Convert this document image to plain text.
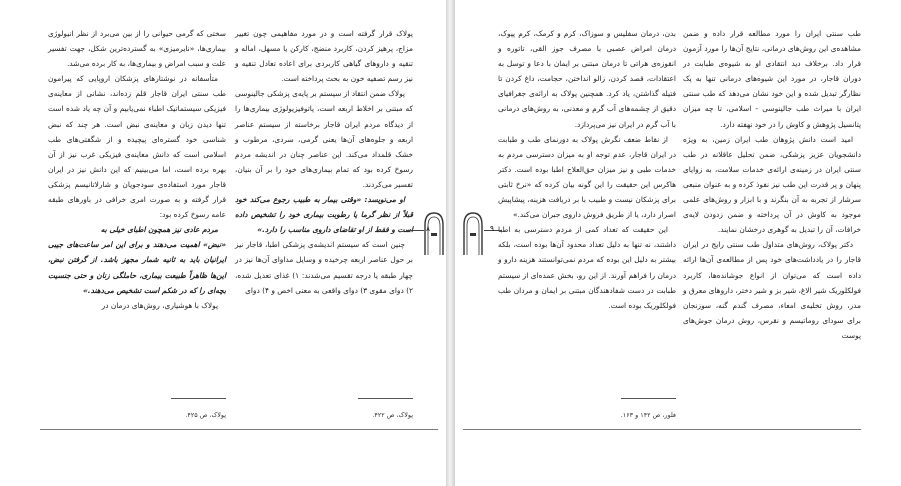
پولاک قرار گرفته است و در مورد مفاهیمی چون تغییر مزاج، پرهیز کردن، کاربرد منضج، کارکن یا مسهل، اماله و تنقیه و داروهای گیاهی کاربردی برای اعاده تعادل تنقیه و نیز رسم تصفیه خون به بحث پرداخته است.

پولاک ضمن انتقاد از سیستم بر پایه‌ی پزشکی جالینوسی که مبتنی بر اخلاط اربعه است، پاتوفیزیولوژی بیماری‌ها را از دیدگاه مردم ایران قاجار برخاسته از سیستم عناصر اربعه و جلوه‌های آن‌ها یعنی گرمی، سردی، مرطوب و خشک قلمداد می‌کند. این عناصر چنان در اندیشه مردم رسوخ کرده بود که تمام بیماری‌های خود را بر آن بنیان، تفسیر می‌کردند.

او می‌نویسد: «وقتی بیمار به طبیب رجوع می‌کند خود قبلاً از نظر گرما یا رطوبت بیماری خود را تشخیص داده است و فقط از او تقاضای داروی مناسب را دارد.»

چنین است که سیستم اندیشه‌ی پزشکی اطبا، قاجار نیز بر حول عناصر اربعه چرخیده و وسایل مداوای آن‌ها نیز در چهار طبقه یا درجه تقسیم می‌شدند: ۱) غذای تعدیل شده، ۲) دوای مقوی ۳) دوای واقعی به معنی اخص و ۴) دوای

سختی که گرمی حیوانی را از بین می‌برد از نظر انیولوژی بیماری‌ها، «نایرمیزی» به گسترده‌ترین شکل، جهت تفسیر علت و سبب امراض و بیماری‌ها، به کار برده می‌شد.

متأسفانه در نوشتارهای پزشکان اروپایی که پیرامون طب سنتی ایران قاجار قلم زده‌اند، نشانی از معاینه‌ی فیزیکی سیستماتیک اطباء نمی‌یابیم و آن چه یاد شده است تنها دیدن زبان و معاینه‌ی نبض است. هر چند که نبض شناسی خود گستره‌ای پیچیده و از شگفتی‌های طب اسلامی است که دانش معاینه‌ی فیزیکی غرب نیز از آن بهره برده است، اما می‌بینیم که این دانش نیز در ایران قاجار مورد استفاده‌ی سودجویان و شارلاتانیسم پزشکی قرار گرفته و به صورت امری خرافی در باورهای طبقه عامه رسوخ کرده بود:

مردم عادی نیز همچون اطبای خیلی به

«نبض» اهمیت می‌دهند و برای این امر ساعت‌های جیبی ایرانیان باید به ثانیه شمار مجهز باشد. از گرفتن نبض، این‌ها ظاهراً طبیعت بیماری، حاملگی زنان و حتی جنسیت بچه‌ای را که در شکم است تشخیص می‌دهند.»

پولاک با هوشیاری، روش‌های درمان در

طب سنتی ایران را مورد مطالعه قرار داده و ضمن مشاهده‌ی این روش‌های درمانی، نتایج آن‌ها را مورد آزمون قرار داد. برخلاف دید انتقادی او به شیوه‌ی طبابت در دوران قاجار، در مورد این شیوه‌های درمانی تنها به یک نظارگر تبدیل شده و این خود نشان می‌دهد که طب سنتی ایران با میراث طب جالینوسی - اسلامی، تا چه میزان پتانسیل پژوهش و کاوش را در خود نهفته دارد.

امید است دانش پژوهان طب ایران زمین، به ویژه دانشجویان عزیز پزشکی، ضمن تحلیل عاقلانه در طب سنتی ایران در زمینه‌ی ارائه‌ی خدمات سلامت، به زوایای پنهان و پر قدرت این طب نیز نفوذ کرده و به عنوان منبعی سرشار از تجربه به آن بنگرند و با ابزار و روش‌های علمی موجود به کاوش در آن پرداخته و ضمن زدودن لایه‌ی خرافات، آن را تبدیل به گوهری درخشان نمایند.

دکتر پولاک، روش‌های متداول طب سنتی رایج در ایران قاجار را در یادداشت‌های خود پس از مطالعه‌ی آن‌ها ارائه داده است که می‌توان از انواع جوشانده‌ها، کاربرد فولکلوریک شیر الاغ، شیر بز و شیر دختر، داروهای معرق و مدر، روش تخلیه‌ی امعاء، مصرف گندم گنه، سوزنجان برای سودای روماتیسم و نقرس، روش درمان جوش‌های پوست

بدن، درمان سفلیس و سوزاک، کرم و کرمک، کرم پیوک، درمان امراض عصبی با مصرف جوز القی، تاتوره و انقوزه‌ی هراتی تا درمان مبتنی بر ایمان با دعا و توسل به اعتقادات، قصد کردن، زالو انداختن، حجامت، داغ کردن تا فتیله گذاشتن، یاد کرد. همچنین پولاک به ارائه‌ی جغرافیای دقیق از چشمه‌های آب گرم و معدنی، به روش‌های درمانی با آب گرم در ایران نیز می‌پردازد.

از نقاط ضعف نگرش پولاک به دورنمای طب و طبابت در ایران قاجار، عدم توجه او به میزان دسترسی مردم به خدمات طبی و نیز میزان حق‌العلاج اطبا بوده است. دکتر هاکرس این حقیقت را این گونه بیان کرده که «نرخ ثابتی برای پزشکان نیست و طبیب با بر دریافت هزینه، پیشاپیش اصرار دارد، یا از طریق فروش داروی جبران می‌کند.»

این حقیقت که تعداد کمی از مردم دسترسی به اطبا داشتند، نه تنها به دلیل تعداد محدود آن‌ها بوده است، بلکه بیشتر به دلیل این بوده که مردم نمی‌توانستند هزینه دارو و درمان را فراهم آورند. از این رو، بخش عمده‌ای از سیستم طبابت در دست شفادهندگان مبتنی بر ایمان و مردان طب فولکلوریک بوده است.

پولاک، ص ۴۲۲.
پولاک، ص ۴۲۵.	فلور، ص ۱۴۲ و ۱۶۳.
۸	۹
